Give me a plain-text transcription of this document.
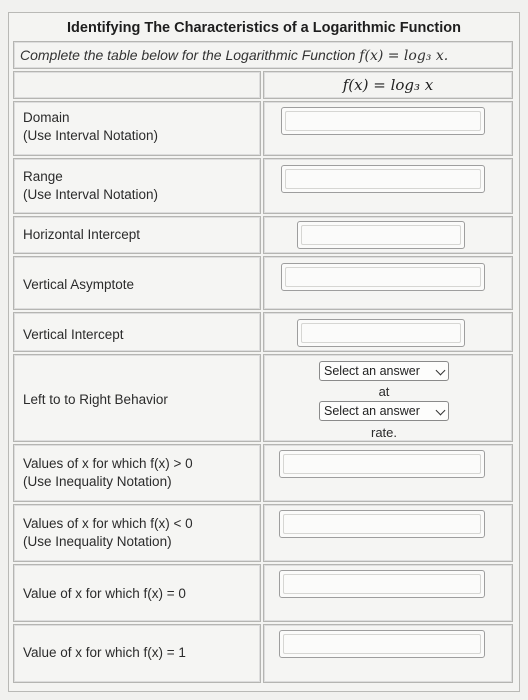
Identifying The Characteristics of a Logarithmic Function
Complete the table below for the Logarithmic Function f(x) = log₃ x.
f(x) = log₃ x
Domain
(Use Interval Notation)
Range
(Use Interval Notation)
Horizontal Intercept
Vertical Asymptote
Vertical Intercept
Left to to Right Behavior
Select an answer
at
Select an answer
rate.
Values of x for which f(x) > 0
(Use Inequality Notation)
Values of x for which f(x) < 0
(Use Inequality Notation)
Value of x for which f(x) = 0
Value of x for which f(x) = 1
